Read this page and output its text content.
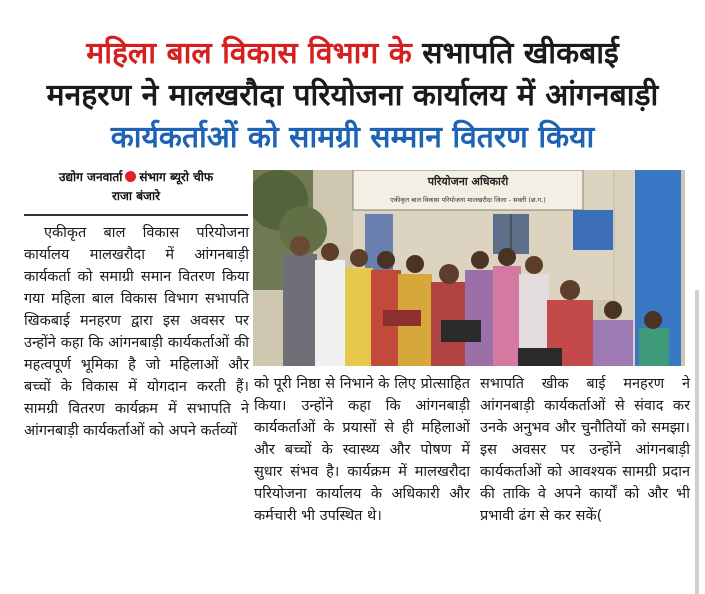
महिला बाल विकास विभाग के सभापति खीकबाई
मनहरण ने मालखरौदा परियोजना कार्यालय में आंगनबाड़ी
कार्यकर्ताओं को सामग्री सम्मान वितरण किया
उद्योग जनवार्ता संभाग ब्यूरो चीफ
राजा बंजारे

एकीकृत बाल विकास परियोजना कार्यालय मालखरौदा में आंगनबाड़ी कार्यकर्ता को समाग्री समान वितरण किया गया महिला बाल विकास विभाग सभापति खिकबाई मनहरण द्वारा इस अवसर पर उन्होंने कहा कि आंगनबाड़ी कार्यकर्ताओं की महत्वपूर्ण भूमिका है जो महिलाओं और बच्चों के विकास में योगदान करती हैं। सामग्री वितरण कार्यक्रम में सभापति ने आंगनबाड़ी कार्यकर्ताओं को अपने कर्तव्यों

परियोजना अधिकारी
एकीकृत बाल विकास परियोजना मालखरौदा जिला - सक्ती (छ.ग.)

को पूरी निष्ठा से निभाने के लिए प्रोत्साहित किया। उन्होंने कहा कि आंगनबाड़ी कार्यकर्ताओं के प्रयासों से ही महिलाओं और बच्चों के स्वास्थ्य और पोषण में सुधार संभव है। कार्यक्रम में मालखरौदा परियोजना कार्यालय के अधिकारी और कर्मचारी भी उपस्थित थे।

सभापति खीक बाई मनहरण ने आंगनबाड़ी कार्यकर्ताओं से संवाद कर उनके अनुभव और चुनौतियों को समझा। इस अवसर पर उन्होंने आंगनबाड़ी कार्यकर्ताओं को आवश्यक सामग्री प्रदान की ताकि वे अपने कार्यों को और भी प्रभावी ढंग से कर सकें(
